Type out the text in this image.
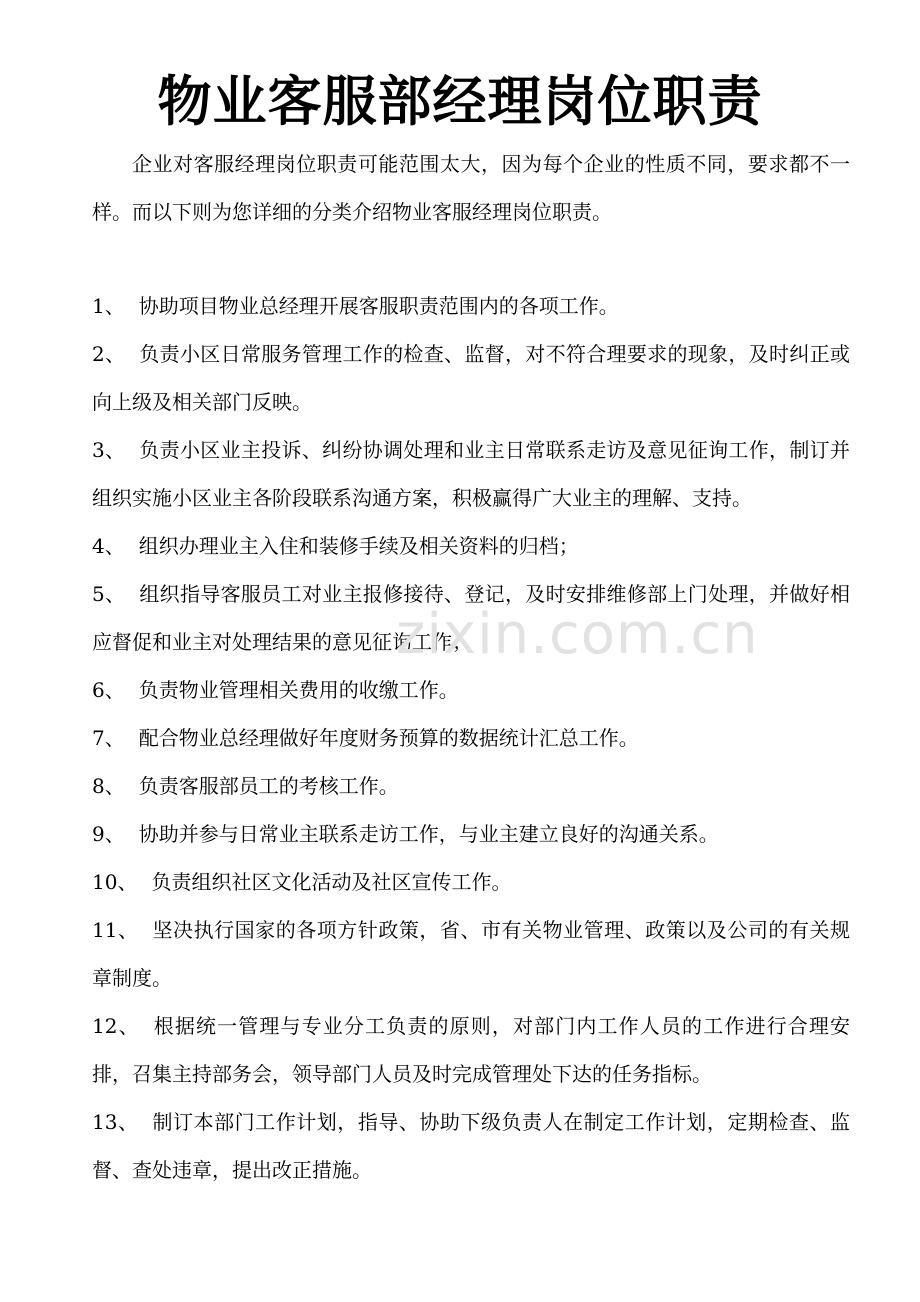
物业客服部经理岗位职责

企业对客服经理岗位职责可能范围太大，因为每个企业的性质不同，要求都不一样。而以下则为您详细的分类介绍物业客服经理岗位职责。

1、 协助项目物业总经理开展客服职责范围内的各项工作。
2、 负责小区日常服务管理工作的检查、监督，对不符合理要求的现象，及时纠正或向上级及相关部门反映。
3、 负责小区业主投诉、纠纷协调处理和业主日常联系走访及意见征询工作，制订并组织实施小区业主各阶段联系沟通方案，积极赢得广大业主的理解、支持。
4、 组织办理业主入住和装修手续及相关资料的归档；
5、 组织指导客服员工对业主报修接待、登记，及时安排维修部上门处理，并做好相应督促和业主对处理结果的意见征询工作；
6、 负责物业管理相关费用的收缴工作。
7、 配合物业总经理做好年度财务预算的数据统计汇总工作。
8、 负责客服部员工的考核工作。
9、 协助并参与日常业主联系走访工作，与业主建立良好的沟通关系。
10、 负责组织社区文化活动及社区宣传工作。
11、 坚决执行国家的各项方针政策，省、市有关物业管理、政策以及公司的有关规章制度。
12、 根据统一管理与专业分工负责的原则，对部门内工作人员的工作进行合理安排，召集主持部务会，领导部门人员及时完成管理处下达的任务指标。
13、 制订本部门工作计划，指导、协助下级负责人在制定工作计划，定期检查、监督、查处违章，提出改正措施。
zixin.com.cn
